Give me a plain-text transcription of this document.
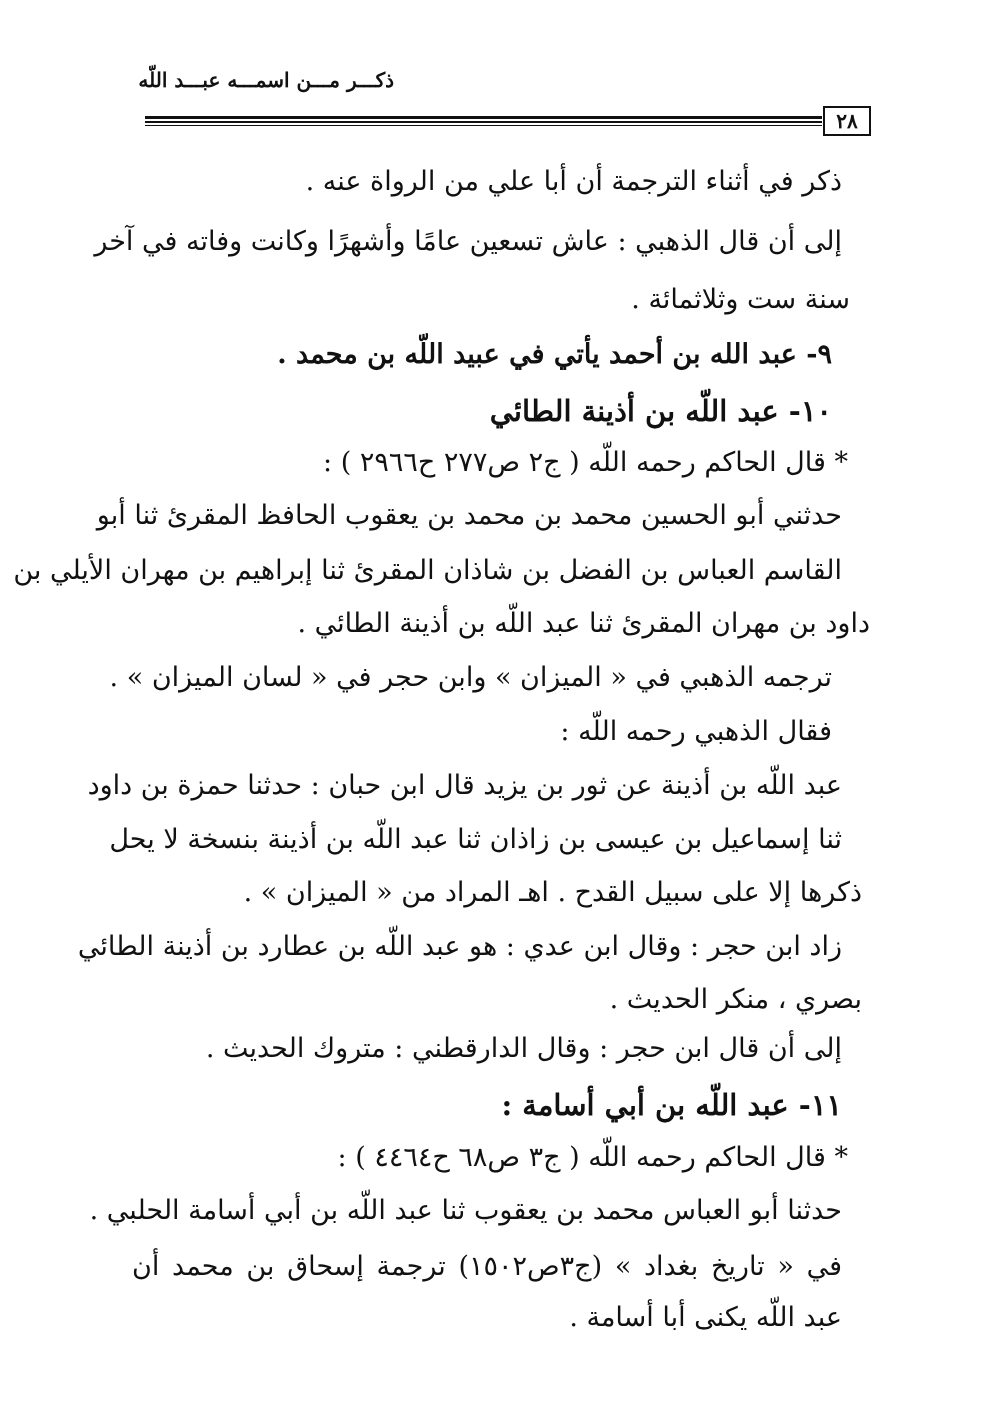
ذكـــر مـــن اسمـــه عبـــد اللّه
٢٨
ذكر في أثناء الترجمة أن أبا علي من الرواة عنه .
إلى أن قال الذهبي : عاش تسعين عامًا وأشهرًا وكانت وفاته في آخر
سنة ست وثلاثمائة .
٩- عبد الله بن أحمد يأتي في عبيد اللّه بن محمد .
١٠- عبد اللّه بن أذينة الطائي
* قال الحاكم رحمه اللّه ( ج٢ ص٢٧٧ ح٢٩٦٦ ) :
حدثني أبو الحسين محمد بن محمد بن يعقوب الحافظ المقرئ ثنا أبو
القاسم العباس بن الفضل بن شاذان المقرئ ثنا إبراهيم بن مهران الأيلي بن
داود بن مهران المقرئ ثنا عبد اللّه بن أذينة الطائي .
ترجمه الذهبي في « الميزان » وابن حجر في « لسان الميزان » .
فقال الذهبي رحمه اللّه :
عبد اللّه بن أذينة عن ثور بن يزيد قال ابن حبان : حدثنا حمزة بن داود
ثنا إسماعيل بن عيسى بن زاذان ثنا عبد اللّه بن أذينة بنسخة لا يحل
ذكرها إلا على سبيل القدح . اهـ المراد من « الميزان » .
زاد ابن حجر : وقال ابن عدي : هو عبد اللّه بن عطارد بن أذينة الطائي
بصري ، منكر الحديث .
إلى أن قال ابن حجر : وقال الدارقطني : متروك الحديث .
١١- عبد اللّه بن أبي أسامة :
* قال الحاكم رحمه اللّه ( ج٣ ص٦٨ ح٤٤٦٤ ) :
حدثنا أبو العباس محمد بن يعقوب ثنا عبد اللّه بن أبي أسامة الحلبي .
في « تاريخ بغداد » (ج٣ص١٥٠٢) ترجمة إسحاق بن محمد أن
عبد اللّه يكنى أبا أسامة .
